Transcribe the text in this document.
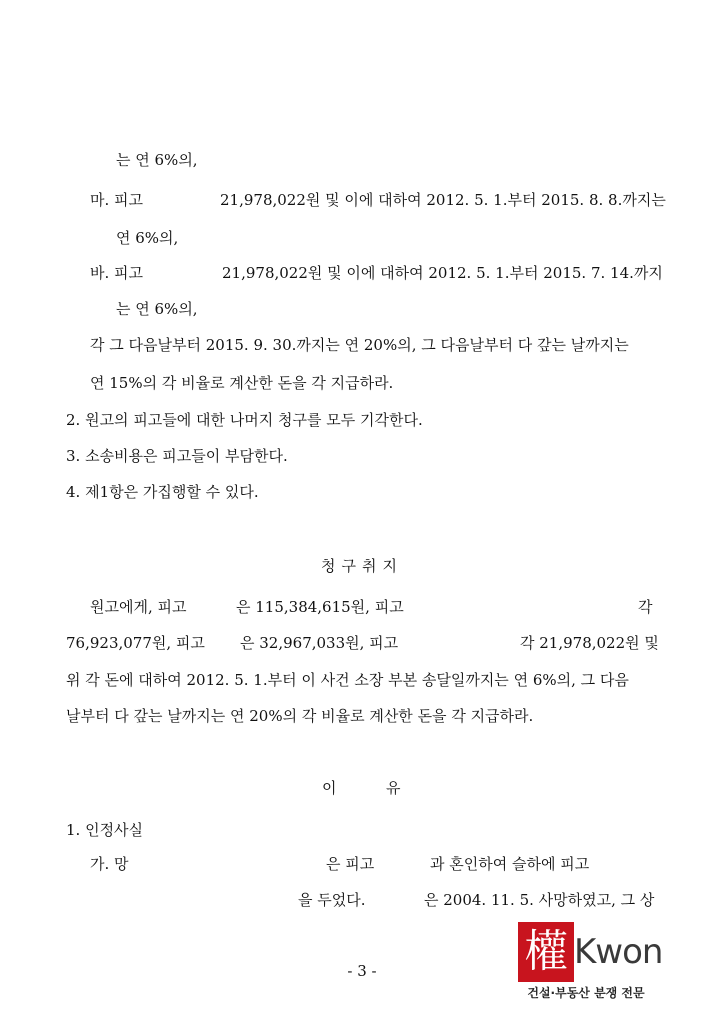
는 연 6%의,
마. 피고	21,978,022원 및 이에 대하여 2012. 5. 1.부터 2015. 8. 8.까지는
연 6%의,
바. 피고	21,978,022원 및 이에 대하여 2012. 5. 1.부터 2015. 7. 14.까지
는 연 6%의,
각 그 다음날부터 2015. 9. 30.까지는 연 20%의, 그 다음날부터 다 갚는 날까지는
연 15%의 각 비율로 계산한 돈을 각 지급하라.
2. 원고의 피고들에 대한 나머지 청구를 모두 기각한다.
3. 소송비용은 피고들이 부담한다.
4. 제1항은 가집행할 수 있다.
청구취지
원고에게, 피고	은 115,384,615원, 피고	각
76,923,077원, 피고 은 32,967,033원, 피고	각 21,978,022원 및
위 각 돈에 대하여 2012. 5. 1.부터 이 사건 소장 부본 송달일까지는 연 6%의, 그 다음
날부터 다 갚는 날까지는 연 20%의 각 비율로 계산한 돈을 각 지급하라.
이	유
1. 인정사실
가. 망	은 피고	과 혼인하여 슬하에 피고
을 두었다.	은 2004. 11. 5. 사망하였고, 그 상
- 3 -	權 Kwon
건설·부동산 분쟁 전문
